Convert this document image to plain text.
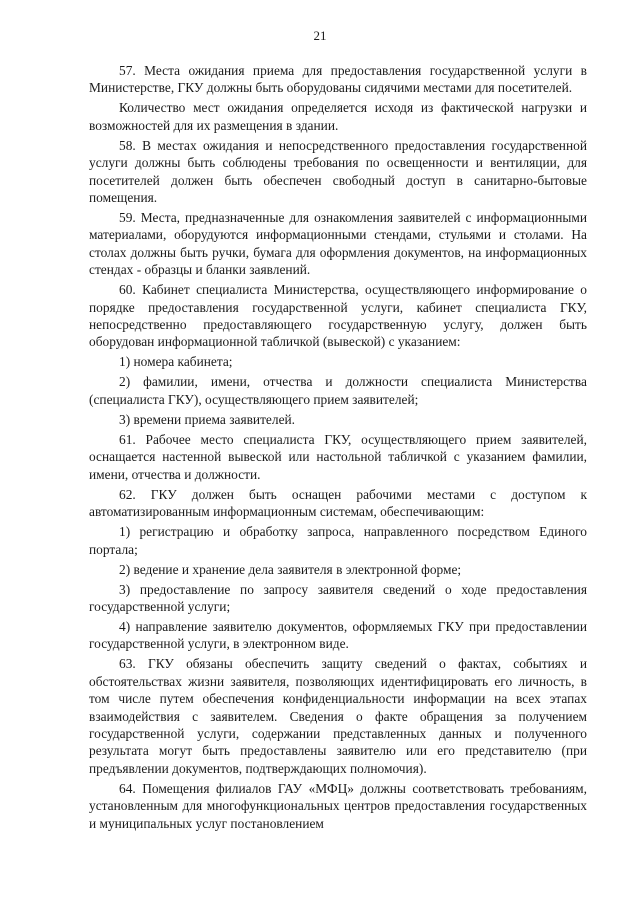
21

57. Места ожидания приема для предоставления государственной услуги в Министерстве, ГКУ должны быть оборудованы сидячими местами для посетителей.

Количество мест ожидания определяется исходя из фактической нагрузки и возможностей для их размещения в здании.

58. В местах ожидания и непосредственного предоставления государственной услуги должны быть соблюдены требования по освещенности и вентиляции, для посетителей должен быть обеспечен свободный доступ в санитарно-бытовые помещения.

59. Места, предназначенные для ознакомления заявителей с информационными материалами, оборудуются информационными стендами, стульями и столами. На столах должны быть ручки, бумага для оформления документов, на информационных стендах - образцы и бланки заявлений.

60. Кабинет специалиста Министерства, осуществляющего информирование о порядке предоставления государственной услуги, кабинет специалиста ГКУ, непосредственно предоставляющего государственную услугу, должен быть оборудован информационной табличкой (вывеской) с указанием:

1) номера кабинета;

2) фамилии, имени, отчества и должности специалиста Министерства (специалиста ГКУ), осуществляющего прием заявителей;

3) времени приема заявителей.

61. Рабочее место специалиста ГКУ, осуществляющего прием заявителей, оснащается настенной вывеской или настольной табличкой с указанием фамилии, имени, отчества и должности.

62. ГКУ должен быть оснащен рабочими местами с доступом к автоматизированным информационным системам, обеспечивающим:

1) регистрацию и обработку запроса, направленного посредством Единого портала;

2) ведение и хранение дела заявителя в электронной форме;

3) предоставление по запросу заявителя сведений о ходе предоставления государственной услуги;

4) направление заявителю документов, оформляемых ГКУ при предоставлении государственной услуги, в электронном виде.

63. ГКУ обязаны обеспечить защиту сведений о фактах, событиях и обстоятельствах жизни заявителя, позволяющих идентифицировать его личность, в том числе путем обеспечения конфиденциальности информации на всех этапах взаимодействия с заявителем. Сведения о факте обращения за получением государственной услуги, содержании представленных данных и полученного результата могут быть предоставлены заявителю или его представителю (при предъявлении документов, подтверждающих полномочия).

64. Помещения филиалов ГАУ «МФЦ» должны соответствовать требованиям, установленным для многофункциональных центров предоставления государственных и муниципальных услуг постановлением
